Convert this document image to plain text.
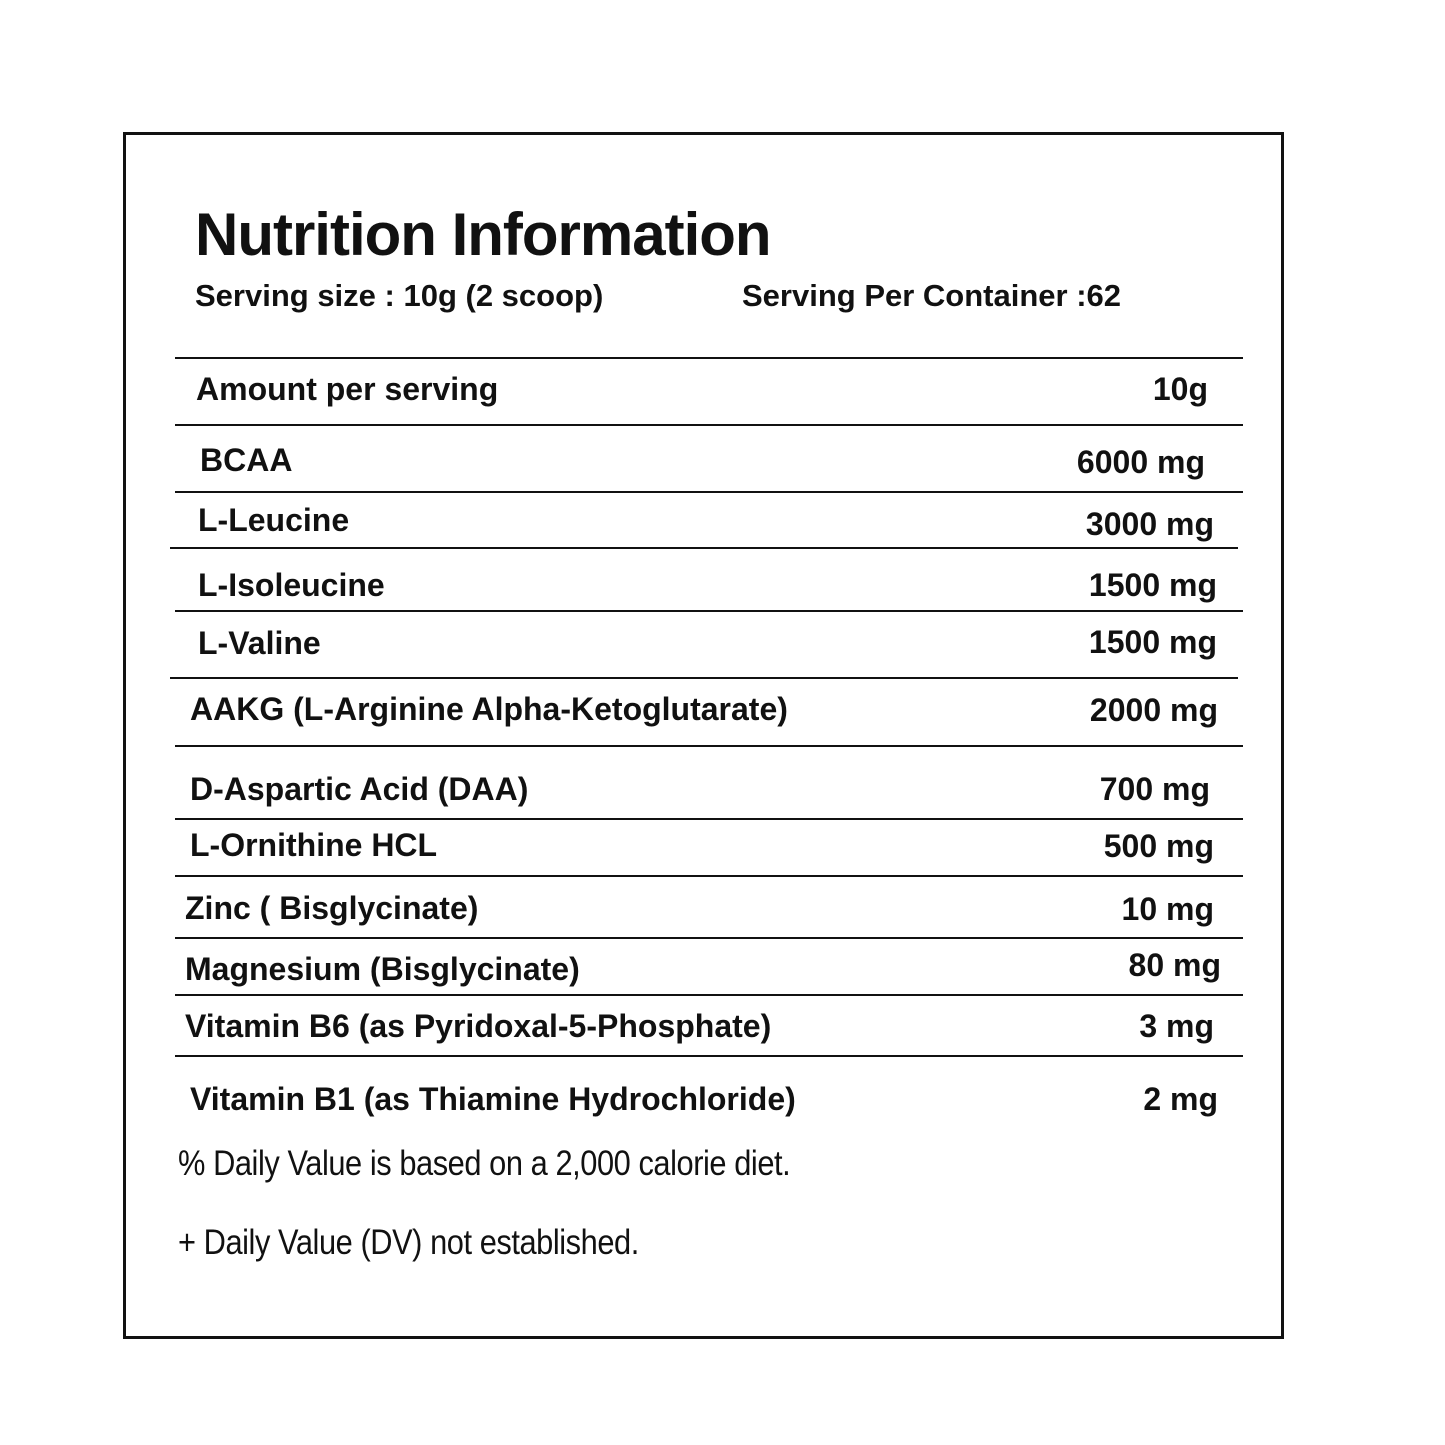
Nutrition Information
Serving size : 10g (2 scoop)	Serving Per Container :62
Amount per serving	10g
BCAA	6000 mg
L-Leucine	3000 mg
L-Isoleucine	1500 mg
L-Valine	1500 mg
AAKG (L-Arginine Alpha-Ketoglutarate)	2000 mg
D-Aspartic Acid (DAA)	700 mg
L-Ornithine HCL	500 mg
Zinc ( Bisglycinate)	10 mg
Magnesium (Bisglycinate)	80 mg
Vitamin B6 (as Pyridoxal-5-Phosphate)	3 mg
Vitamin B1 (as Thiamine Hydrochloride)	2 mg
% Daily Value is based on a 2,000 calorie diet.
+ Daily Value (DV) not established.
